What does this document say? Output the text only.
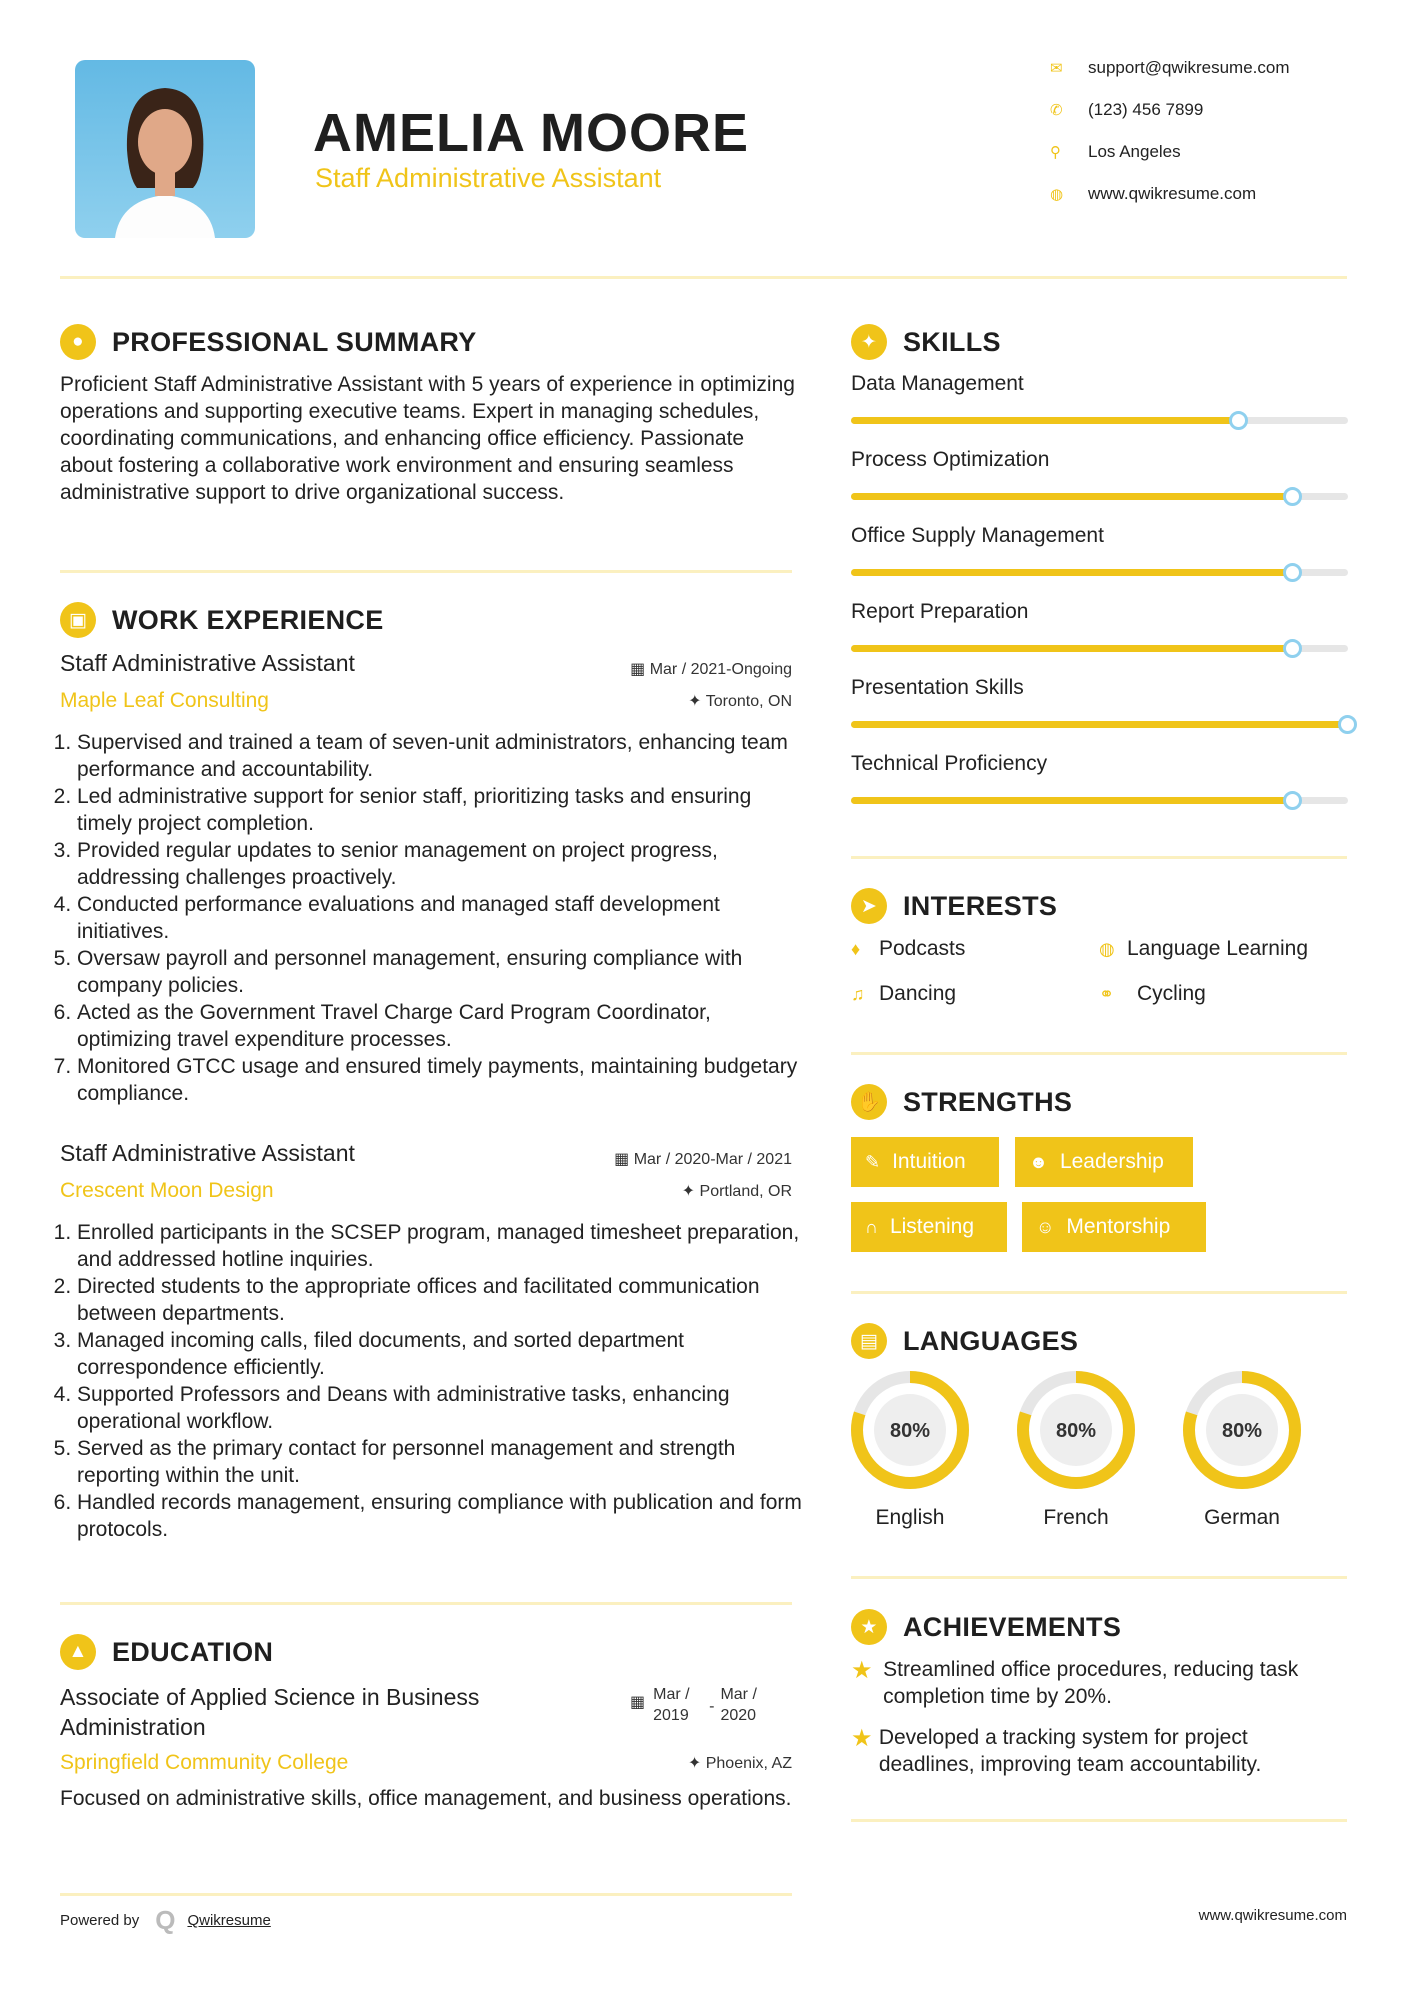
AMELIA MOORE
Staff Administrative Assistant
✉	support@qwikresume.com
✆	(123) 456 7899
⚲	Los Angeles
◍	www.qwikresume.com
●	PROFESSIONAL SUMMARY
Proficient Staff Administrative Assistant with 5 years of experience in optimizing operations and supporting executive teams. Expert in managing schedules, coordinating communications, and enhancing office efficiency. Passionate about fostering a collaborative work environment and ensuring seamless administrative support to drive organizational success.
▣ WORK EXPERIENCE
Staff Administrative Assistant	▦ Mar / 2021-Ongoing
Maple Leaf Consulting	✦ Toronto, ON
1. Supervised and trained a team of seven-unit administrators, enhancing team performance and accountability.
2. Led administrative support for senior staff, prioritizing tasks and ensuring timely project completion.
3. Provided regular updates to senior management on project progress, addressing challenges proactively.
4. Conducted performance evaluations and managed staff development initiatives.
5. Oversaw payroll and personnel management, ensuring compliance with company policies.
6. Acted as the Government Travel Charge Card Program Coordinator, optimizing travel expenditure processes.
7. Monitored GTCC usage and ensured timely payments, maintaining budgetary compliance.
Staff Administrative Assistant	▦ Mar / 2020-Mar / 2021
Crescent Moon Design	✦ Portland, OR
1. Enrolled participants in the SCSEP program, managed timesheet preparation, and addressed hotline inquiries.
2. Directed students to the appropriate offices and facilitated communication between departments.
3. Managed incoming calls, filed documents, and sorted department correspondence efficiently.
4. Supported Professors and Deans with administrative tasks, enhancing operational workflow.
5. Served as the primary contact for personnel management and strength reporting within the unit.
6. Handled records management, ensuring compliance with publication and form protocols.
▲ EDUCATION
Associate of Applied Science in Business Administration
▦ Mar / 2019
-
Mar / 2020
Springfield Community College	✦ Phoenix, AZ
Focused on administrative skills, office management, and business operations.
Powered by Q Qwikresume	www.qwikresume.com
✦ SKILLS
Data Management
Process Optimization
Office Supply Management
Report Preparation
Presentation Skills
Technical Proficiency
➤ INTERESTS
♦ Podcasts	◍ Language Learning
♫ Dancing	⚭	Cycling
✋ STRENGTHS
✎ Intuition	☻ Leadership
∩ Listening	☺ Mentorship
▤ LANGUAGES
80%	80%	80%
English	French	German
★ ACHIEVEMENTS
★ Streamlined office procedures, reducing task completion time by 20%.
★ Developed a tracking system for project deadlines, improving team accountability.
